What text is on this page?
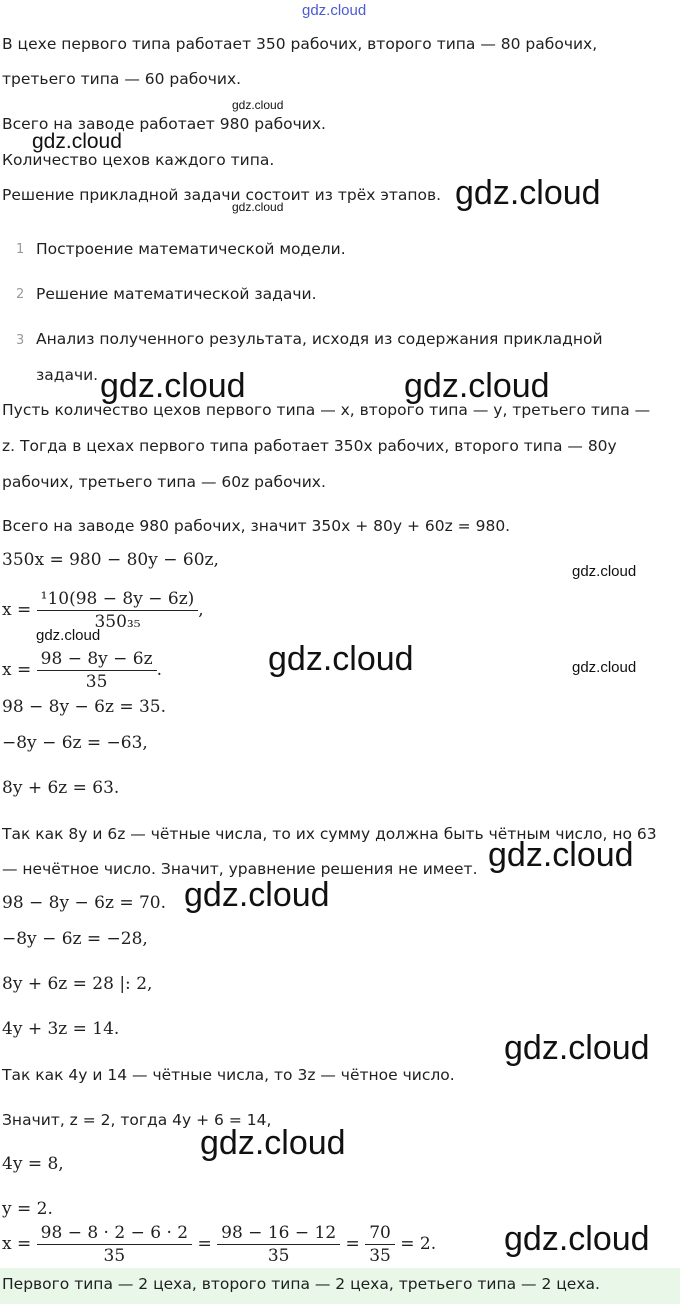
gdz.cloud
В цехе первого типа работает 350 рабочих, второго типа — 80 рабочих,
третьего типа — 60 рабочих.
Всего на заводе работает 980 рабочих.
Количество цехов каждого типа.
Решение прикладной задачи состоит из трёх этапов.
1 Построение математической модели.
2 Решение математической задачи.
3 Анализ полученного результата, исходя из содержания прикладной
задачи.
Пусть количество цехов первого типа — x, второго типа — y, третьего типа —
z. Тогда в цехах первого типа работает 350x рабочих, второго типа — 80y
рабочих, третьего типа — 60z рабочих.
Всего на заводе 980 рабочих, значит 350x + 80y + 60z = 980.
350x = 980 − 80y − 60z,
$x = \frac{\text{¹10(98 − 8y − 6z)}}{\text{350₃₅}}$ ,
$x = \frac{98 - 8y - 6z}{35}$ .
98 − 8y − 6z = 35.
−8y − 6z = −63,
8y + 6z = 63.
Так как 8y и 6z — чётные числа, то их сумму должна быть чётным число, но 63
— нечётное число. Значит, уравнение решения не имеет.
98 − 8y − 6z = 70.
−8y − 6z = −28,
8y + 6z = 28 |: 2,
4y + 3z = 14.
Так как 4y и 14 — чётные числа, то 3z — чётное число.
Значит, z = 2, тогда 4y + 6 = 14,
4y = 8,
y = 2.
$x = \frac{98 - 8 \cdot 2 - 6 \cdot 2}{35} = \frac{98 - 16 - 12}{35} = \frac{70}{35} = 2$.
Первого типа — 2 цеха, второго типа — 2 цеха, третьего типа — 2 цеха.
gdz.cloud
gdz.cloud
gdz.cloud	gdz.cloud
gdz.cloud	gdz.cloud
gdz.cloud
gdz.cloud
gdz.cloud	gdz.cloud
gdz.cloud
gdz.cloud
gdz.cloud
gdz.cloud
gdz.cloud
